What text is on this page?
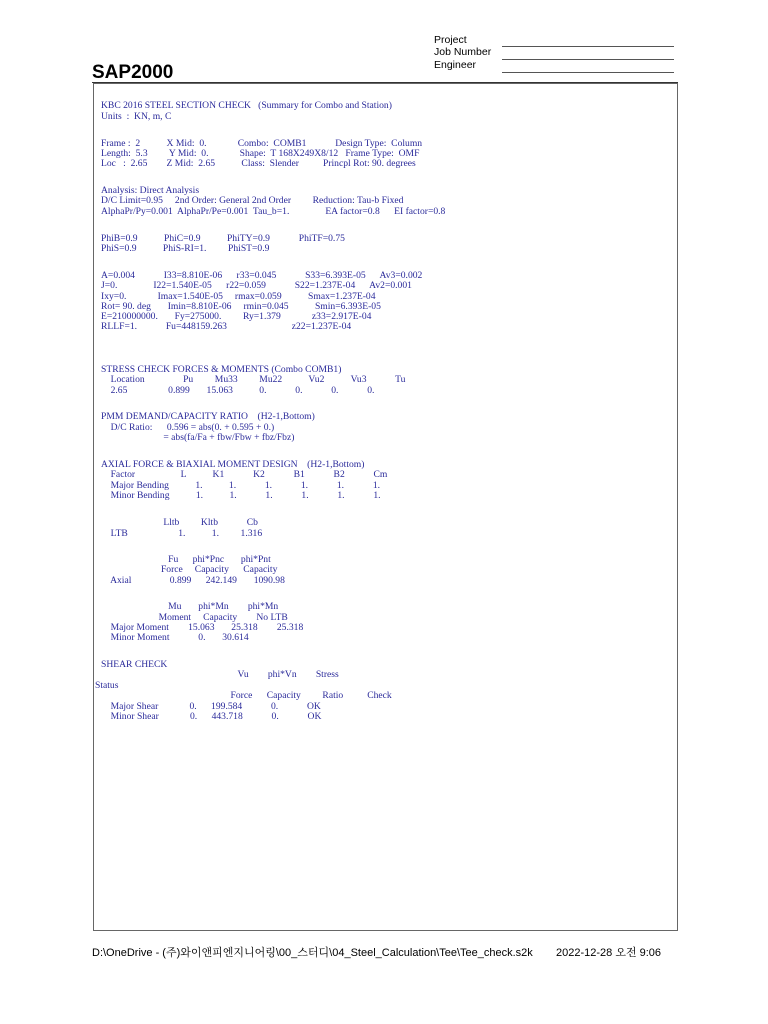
SAP2000
Project
Job Number
Engineer
KBC 2016 STEEL SECTION CHECK   (Summary for Combo and Station)
Units  :  KN, m, C
Frame :  2           X Mid:  0.             Combo:  COMB1            Design Type:  Column
Length:  5.3         Y Mid:  0.             Shape:  T 168X249X8/12   Frame Type:  OMF
Loc   :  2.65        Z Mid:  2.65           Class:  Slender          Princpl Rot: 90. degrees
Analysis: Direct Analysis
D/C Limit=0.95     2nd Order: General 2nd Order         Reduction: Tau-b Fixed
AlphaPr/Py=0.001  AlphaPr/Pe=0.001  Tau_b=1.               EA factor=0.8      EI factor=0.8
PhiB=0.9           PhiC=0.9           PhiTY=0.9            PhiTF=0.75
PhiS=0.9           PhiS-RI=1.         PhiST=0.9
A=0.004            I33=8.810E-06      r33=0.045            S33=6.393E-05      Av3=0.002
J=0.               I22=1.540E-05      r22=0.059            S22=1.237E-04      Av2=0.001
Ixy=0.             Imax=1.540E-05     rmax=0.059           Smax=1.237E-04
Rot= 90. deg       Imin=8.810E-06     rmin=0.045           Smin=6.393E-05
E=210000000.       Fy=275000.         Ry=1.379             z33=2.917E-04
RLLF=1.            Fu=448159.263                           z22=1.237E-04
STRESS CHECK FORCES & MOMENTS (Combo COMB1)
Location                Pu         Mu33         Mu22           Vu2           Vu3            Tu
2.65                 0.899       15.063           0.            0.            0.            0.
PMM DEMAND/CAPACITY RATIO    (H2-1,Bottom)
D/C Ratio:      0.596 = abs(0. + 0.595 + 0.)
= abs(fa/Fa + fbw/Fbw + fbz/Fbz)
AXIAL FORCE & BIAXIAL MOMENT DESIGN    (H2-1,Bottom)
Factor                   L           K1            K2            B1            B2            Cm
Major Bending           1.           1.            1.            1.            1.            1.
Minor Bending           1.           1.            1.            1.            1.            1.
Lltb         Kltb            Cb
LTB                     1.           1.         1.316
Fu      phi*Pnc       phi*Pnt
Force     Capacity      Capacity
Axial                0.899      242.149       1090.98
Mu       phi*Mn        phi*Mn
Moment     Capacity        No LTB
Major Moment        15.063       25.318        25.318
Minor Moment            0.       30.614
SHEAR CHECK
Vu        phi*Vn        Stress
Status
Force      Capacity         Ratio          Check
Major Shear             0.      199.584            0.            OK
Minor Shear             0.      443.718            0.            OK
D:\OneDrive - (주)와이앤피엔지니어링\00_스터디\04_Steel_Calculation\Tee\Tee_check.s2k 2022-12-28 오전 9:06
